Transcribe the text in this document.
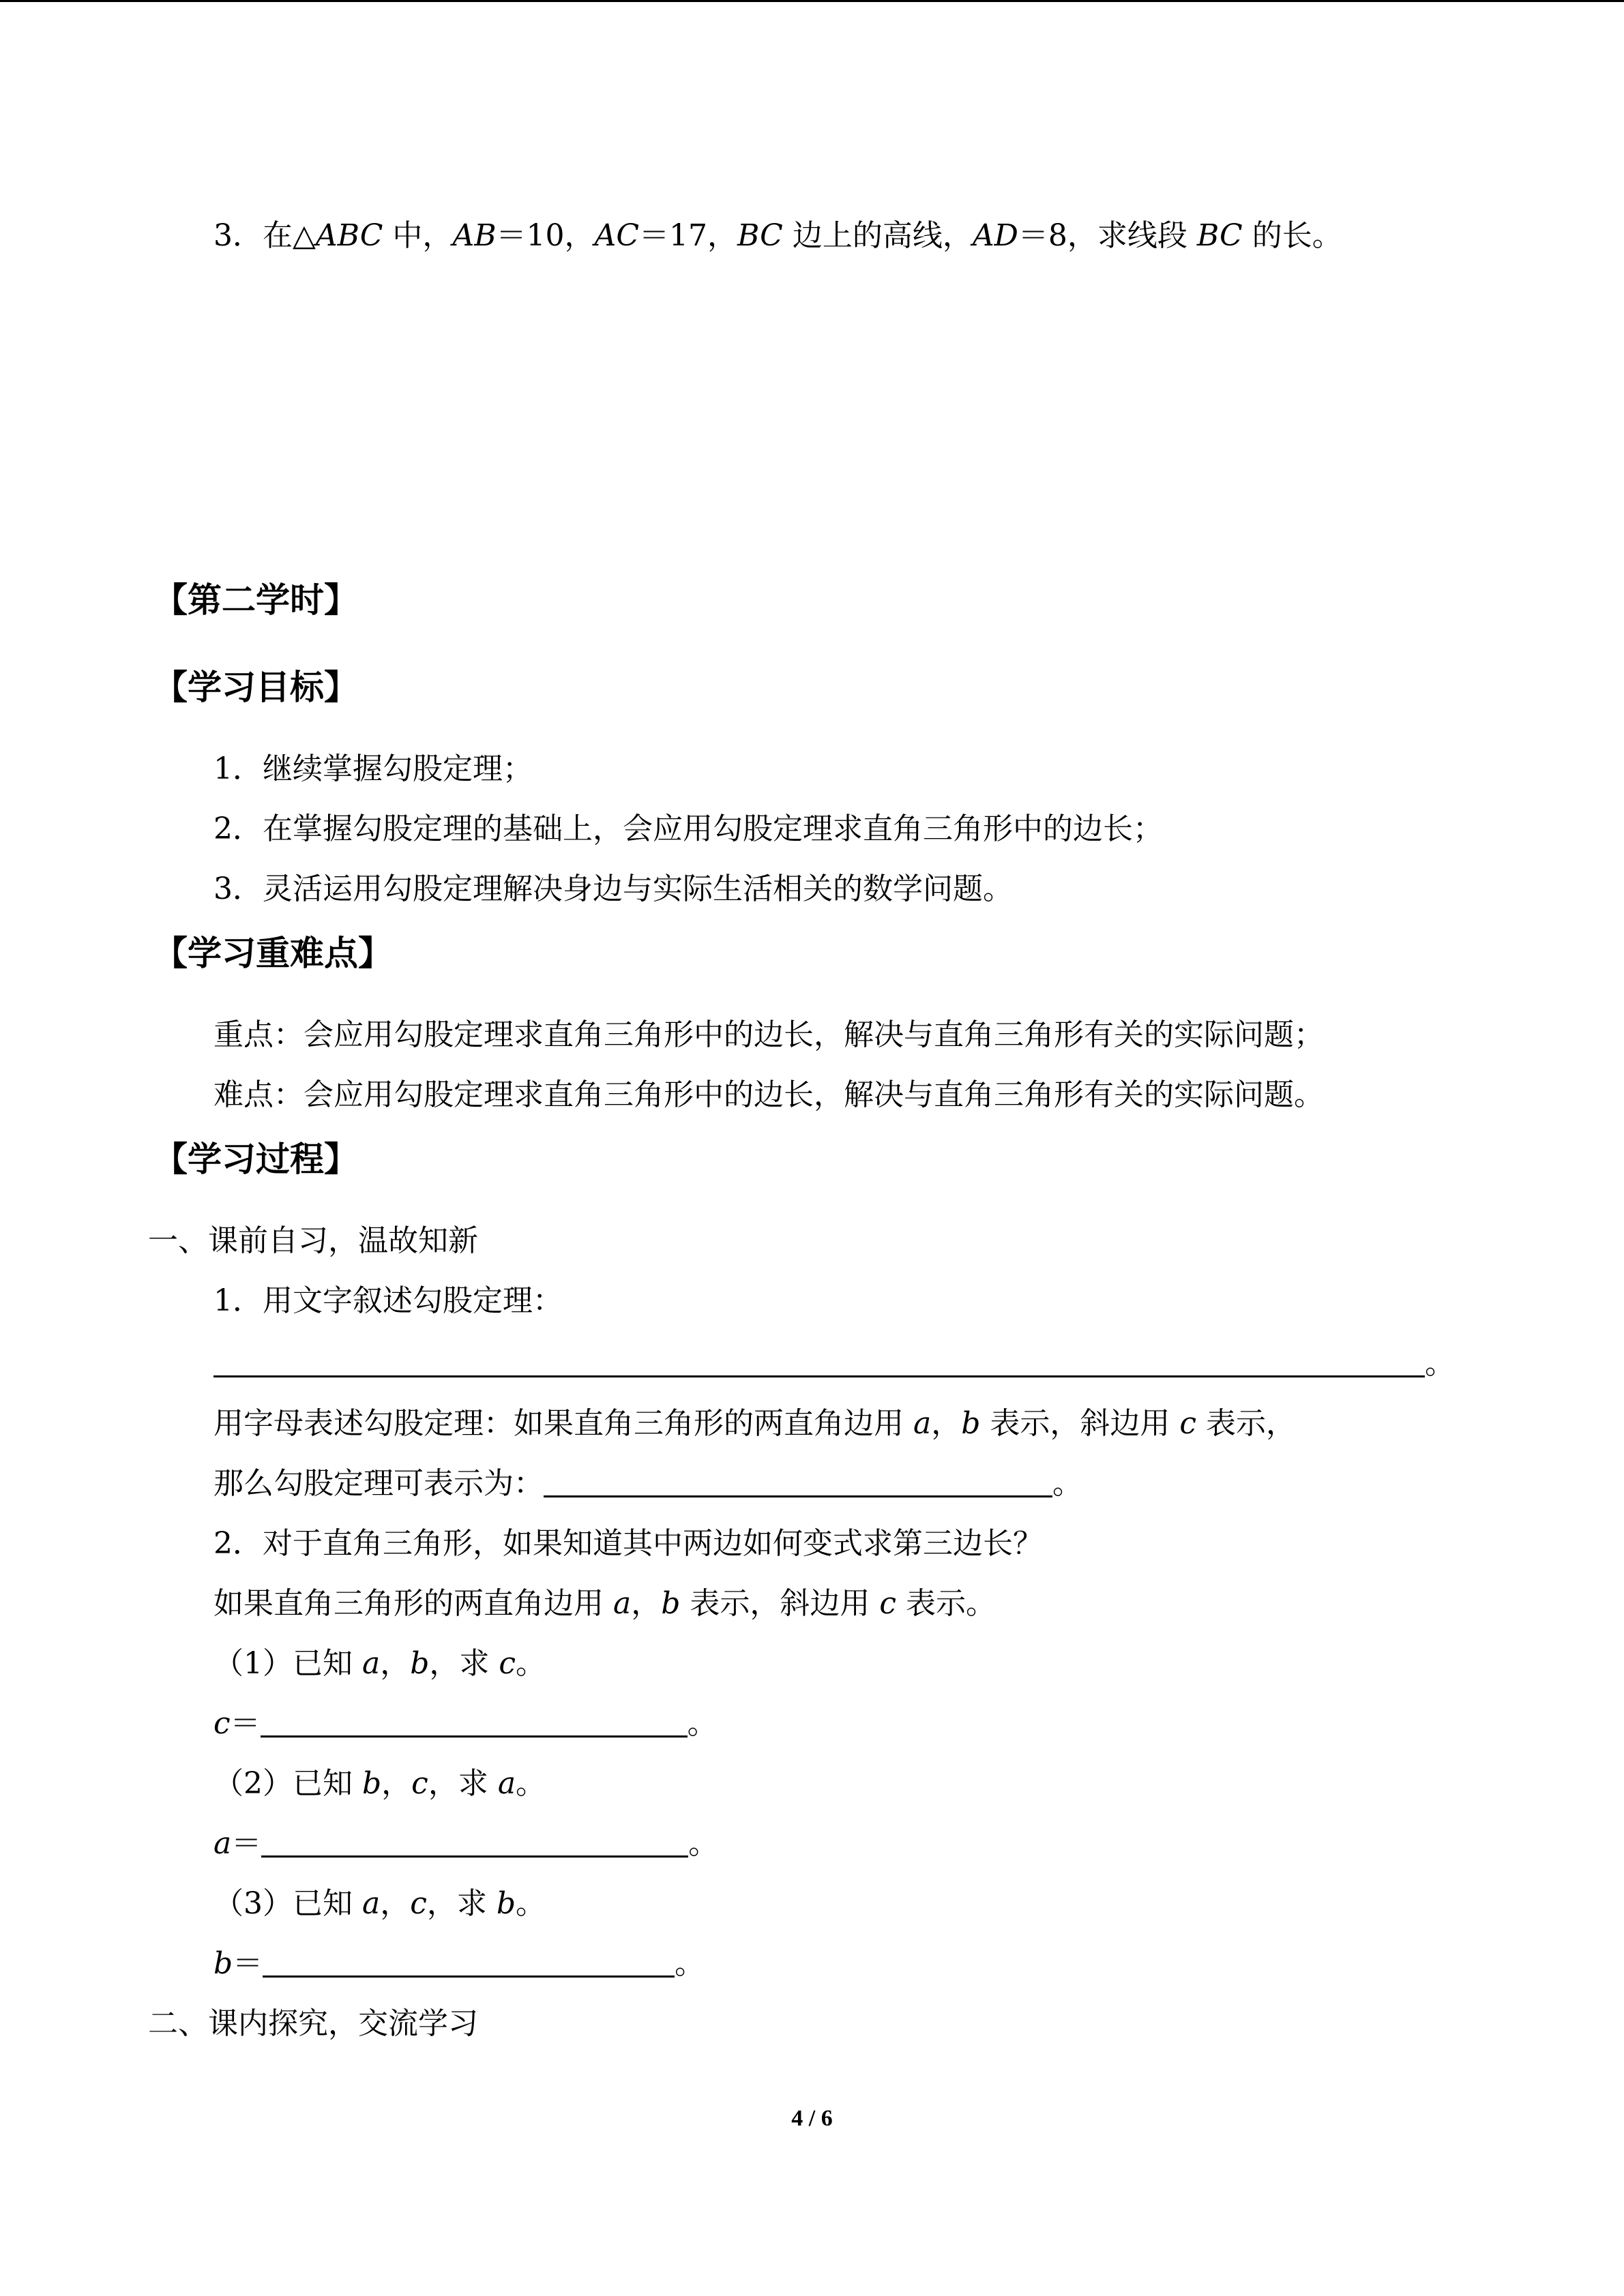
3．在△ABC 中，AB＝10，AC＝17，BC 边上的高线，AD＝8，求线段 BC 的长。
【第二学时】
【学习目标】
1．继续掌握勾股定理；
2．在掌握勾股定理的基础上，会应用勾股定理求直角三角形中的边长；
3．灵活运用勾股定理解决身边与实际生活相关的数学问题。
【学习重难点】
重点：会应用勾股定理求直角三角形中的边长，解决与直角三角形有关的实际问题；
难点：会应用勾股定理求直角三角形中的边长，解决与直角三角形有关的实际问题。
【学习过程】
一、课前自习，温故知新
1．用文字叙述勾股定理：
。
用字母表述勾股定理：如果直角三角形的两直角边用 a，b 表示，斜边用 c 表示，
那么勾股定理可表示为：	。
2．对于直角三角形，如果知道其中两边如何变式求第三边长？
如果直角三角形的两直角边用 a，b 表示，斜边用 c 表示。
（1）已知 a，b，求 c。
c＝	。
（2）已知 b，c，求 a。
a＝	。
（3）已知 a，c，求 b。
b＝	。
二、课内探究，交流学习
4 / 6
